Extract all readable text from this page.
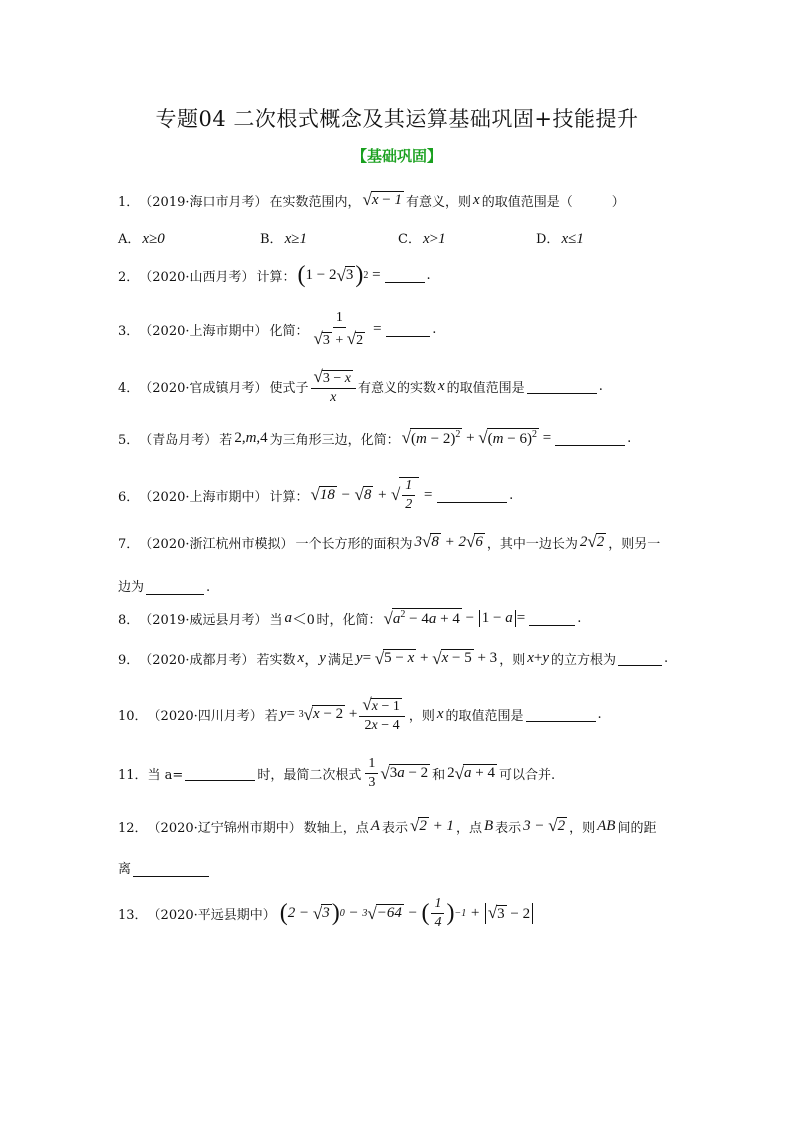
专题04 二次根式概念及其运算基础巩固+技能提升
【基础巩固】
1． （2019·海口市月考） 在实数范围内， √ x − 1 有意义，则 x 的取值范围是（　　　）
A． x ≥ 0	B． x ≥ 1	C． x > 1	D． x ≤ 1
2． （2020·山西月考） 计算： ( 1 − 2 √ 3 ) 2 =	.
3． （2020·上海市期中） 化简： $\frac{1}{√3 + √2}$ =	.
4． （2020·官成镇月考） 使式子 $\frac{√3 - x}{x}$ 有意义的实数 x 的取值范围是	.
5． （青岛月考） 若 2, m ,4 为三角形三边，化简： √ $(m - 2)^2$ + √ $(m - 6)^2$ =	.
6． （2020·上海市期中） 计算： √ 18 − √ 8 + √ $\frac{1}{2}$ =	.
7． （2020·浙江杭州市模拟） 一个长方形的面积为 3 √ 8 + 2 √ 6 ，其中一边长为 2 √ 2 ，则另一
边为	.
8． （2019·威远县月考） 当 a ＜0 时，化简： √ $a^2 - 4a + 4 - 1 - a$ =	.
9． （2020·成都月考） 若实数 x ， y 满足 y = √ 5 − x + √ x − 5 + 3 ，则 x + y 的立方根为	.
10． （2020·四川月考） 若 y = 3 √ $x - 2 + \frac{√x - 1}{2x - 4}$ ，则 x 的取值范围是	.
11． 当 a=	时，最简二次根式 $\frac{1}{3}$ √ 3a − 2 和 2 √ a + 4 可以合并.
12． （2020·辽宁锦州市期中） 数轴上，点 A 表示 √ 2 + 1 ，点 B 表示 3 − √ 2 ，则 AB 间的距
离
13． （2020·平远县期中） ( 2 − √ 3 ) 0 − 3 √ −64 − ( $\frac{1}{4}$ ) −1 + √3 − 2
